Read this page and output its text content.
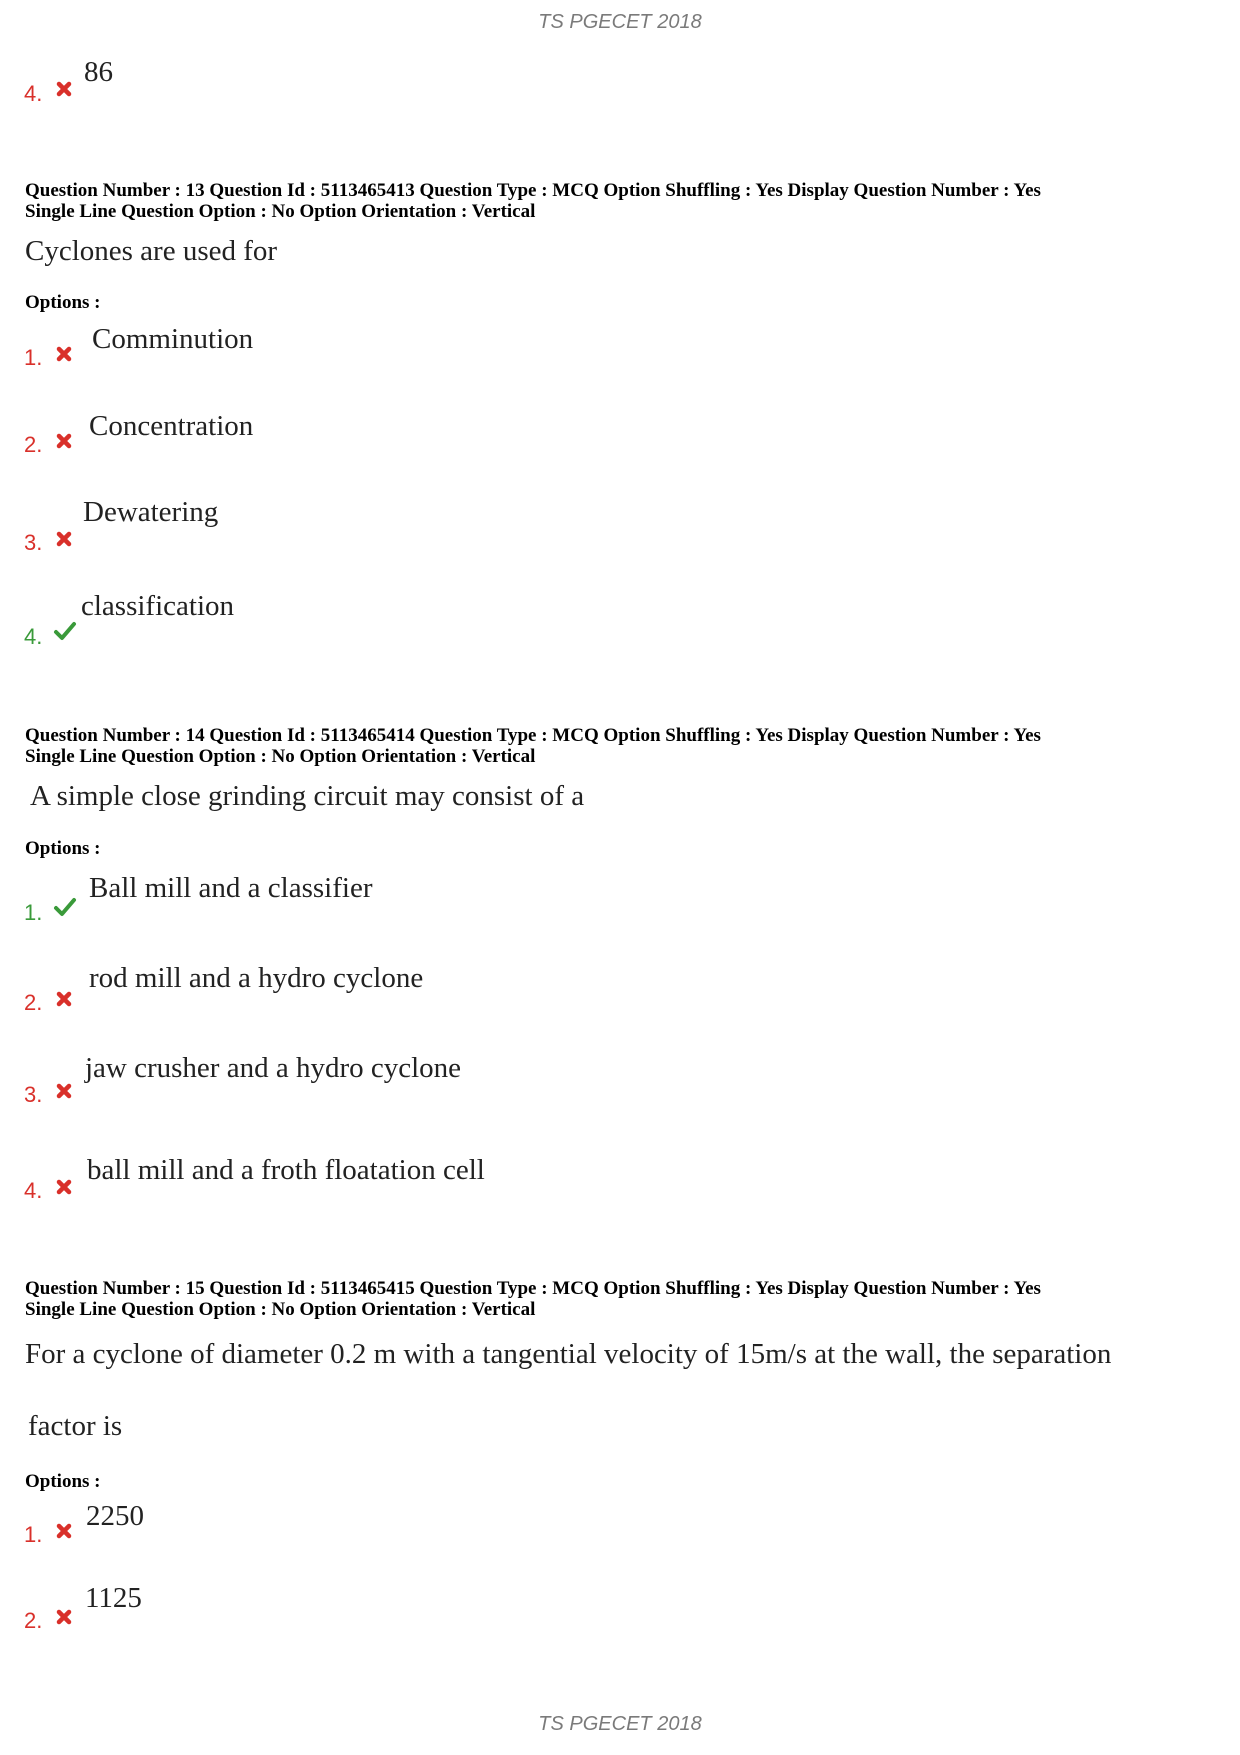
TS PGECET 2018
TS PGECET 2018
4.
86
Question Number : 13 Question Id : 5113465413 Question Type : MCQ Option Shuffling : Yes Display Question Number : Yes
Single Line Question Option : No Option Orientation : Vertical
Cyclones are used for
Options :
1.
Comminution
2.
Concentration
3.
Dewatering
4.
classification
Question Number : 14 Question Id : 5113465414 Question Type : MCQ Option Shuffling : Yes Display Question Number : Yes
Single Line Question Option : No Option Orientation : Vertical
A simple close grinding circuit may consist of a
Options :
1.
Ball mill and a classifier
2.
rod mill and a hydro cyclone
3.
jaw crusher and a hydro cyclone
4.
ball mill and a froth floatation cell
Question Number : 15 Question Id : 5113465415 Question Type : MCQ Option Shuffling : Yes Display Question Number : Yes
Single Line Question Option : No Option Orientation : Vertical
For a cyclone of diameter 0.2 m with a tangential velocity of 15m/s at the wall, the separation
factor is
Options :
1.
2250
2.
1125
